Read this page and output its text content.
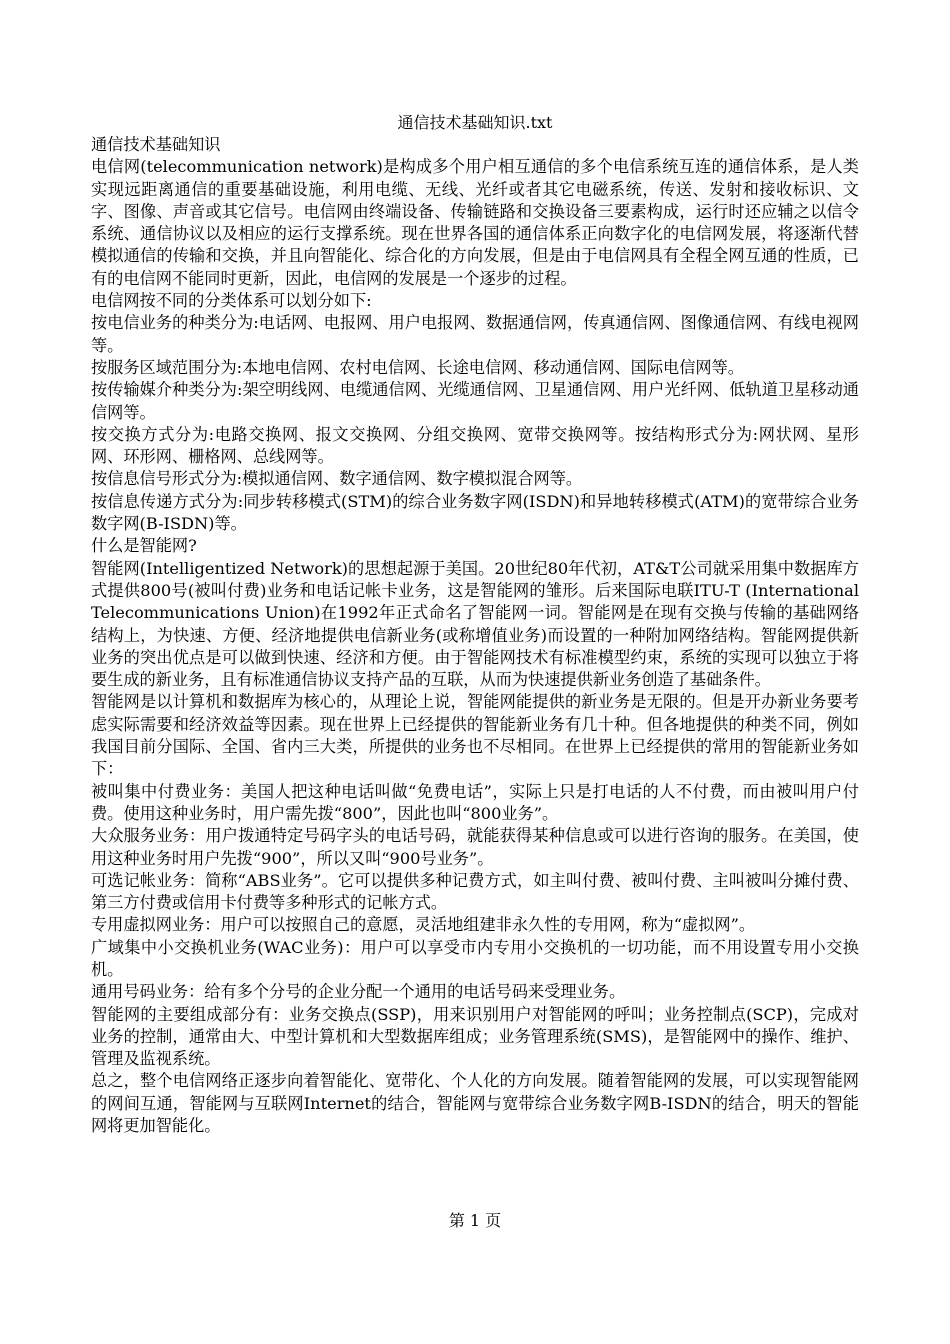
通信技术基础知识.txt

通信技术基础知识

电信网(telecommunication network)是构成多个用户相互通信的多个电信系统互连的通信体系，是人类实现远距离通信的重要基础设施，利用电缆、无线、光纤或者其它电磁系统，传送、发射和接收标识、文字、图像、声音或其它信号。电信网由终端设备、传输链路和交换设备三要素构成，运行时还应辅之以信令系统、通信协议以及相应的运行支撑系统。现在世界各国的通信体系正向数字化的电信网发展，将逐渐代替模拟通信的传输和交换，并且向智能化、综合化的方向发展，但是由于电信网具有全程全网互通的性质，已有的电信网不能同时更新，因此，电信网的发展是一个逐步的过程。

电信网按不同的分类体系可以划分如下:

按电信业务的种类分为:电话网、电报网、用户电报网、数据通信网，传真通信网、图像通信网、有线电视网等。

按服务区域范围分为:本地电信网、农村电信网、长途电信网、移动通信网、国际电信网等。

按传输媒介种类分为:架空明线网、电缆通信网、光缆通信网、卫星通信网、用户光纤网、低轨道卫星移动通信网等。

按交换方式分为:电路交换网、报文交换网、分组交换网、宽带交换网等。按结构形式分为:网状网、星形网、环形网、栅格网、总线网等。

按信息信号形式分为:模拟通信网、数字通信网、数字模拟混合网等。

按信息传递方式分为:同步转移模式(STM)的综合业务数字网(ISDN)和异地转移模式(ATM)的宽带综合业务数字网(B-ISDN)等。

什么是智能网?

智能网(Intelligentized Network)的思想起源于美国。20世纪80年代初，AT&T公司就采用集中数据库方式提供800号(被叫付费)业务和电话记帐卡业务，这是智能网的雏形。后来国际电联ITU-T (International Telecommunications Union)在1992年正式命名了智能网一词。智能网是在现有交换与传输的基础网络结构上，为快速、方便、经济地提供电信新业务(或称增值业务)而设置的一种附加网络结构。智能网提供新业务的突出优点是可以做到快速、经济和方便。由于智能网技术有标准模型约束，系统的实现可以独立于将要生成的新业务，且有标准通信协议支持产品的互联，从而为快速提供新业务创造了基础条件。

智能网是以计算机和数据库为核心的，从理论上说，智能网能提供的新业务是无限的。但是开办新业务要考虑实际需要和经济效益等因素。现在世界上已经提供的智能新业务有几十种。但各地提供的种类不同，例如我国目前分国际、全国、省内三大类，所提供的业务也不尽相同。在世界上已经提供的常用的智能新业务如下：

被叫集中付费业务：美国人把这种电话叫做“免费电话”，实际上只是打电话的人不付费，而由被叫用户付费。使用这种业务时，用户需先拨“800”，因此也叫“800业务”。

大众服务业务：用户拨通特定号码字头的电话号码，就能获得某种信息或可以进行咨询的服务。在美国，使用这种业务时用户先拨“900”，所以又叫“900号业务”。

可选记帐业务：简称“ABS业务”。它可以提供多种记费方式，如主叫付费、被叫付费、主叫被叫分摊付费、第三方付费或信用卡付费等多种形式的记帐方式。

专用虚拟网业务：用户可以按照自己的意愿，灵活地组建非永久性的专用网，称为“虚拟网”。

广域集中小交换机业务(WAC业务)：用户可以享受市内专用小交换机的一切功能，而不用设置专用小交换机。

通用号码业务：给有多个分号的企业分配一个通用的电话号码来受理业务。

智能网的主要组成部分有：业务交换点(SSP)，用来识别用户对智能网的呼叫；业务控制点(SCP)，完成对业务的控制，通常由大、中型计算机和大型数据库组成；业务管理系统(SMS)，是智能网中的操作、维护、管理及监视系统。

总之，整个电信网络正逐步向着智能化、宽带化、个人化的方向发展。随着智能网的发展，可以实现智能网的网间互通，智能网与互联网Internet的结合，智能网与宽带综合业务数字网B-ISDN的结合，明天的智能网将更加智能化。

第 1 页
